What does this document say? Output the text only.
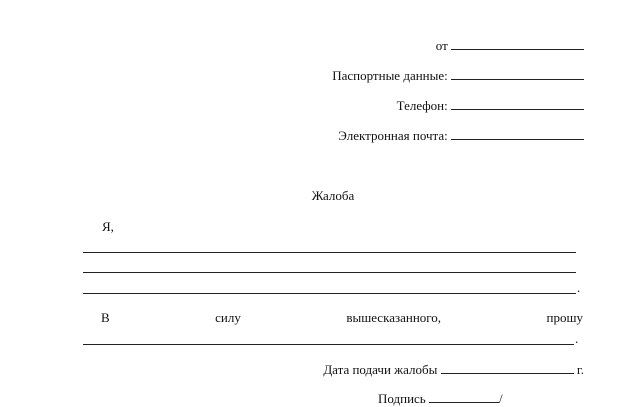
от
Паспортные данные:
Телефон:
Электронная почта:
Жалоба
Я,
.
В	силу	вышесказанного,	прошу
.
Дата подачи жалобы	г.
Подпись	/
